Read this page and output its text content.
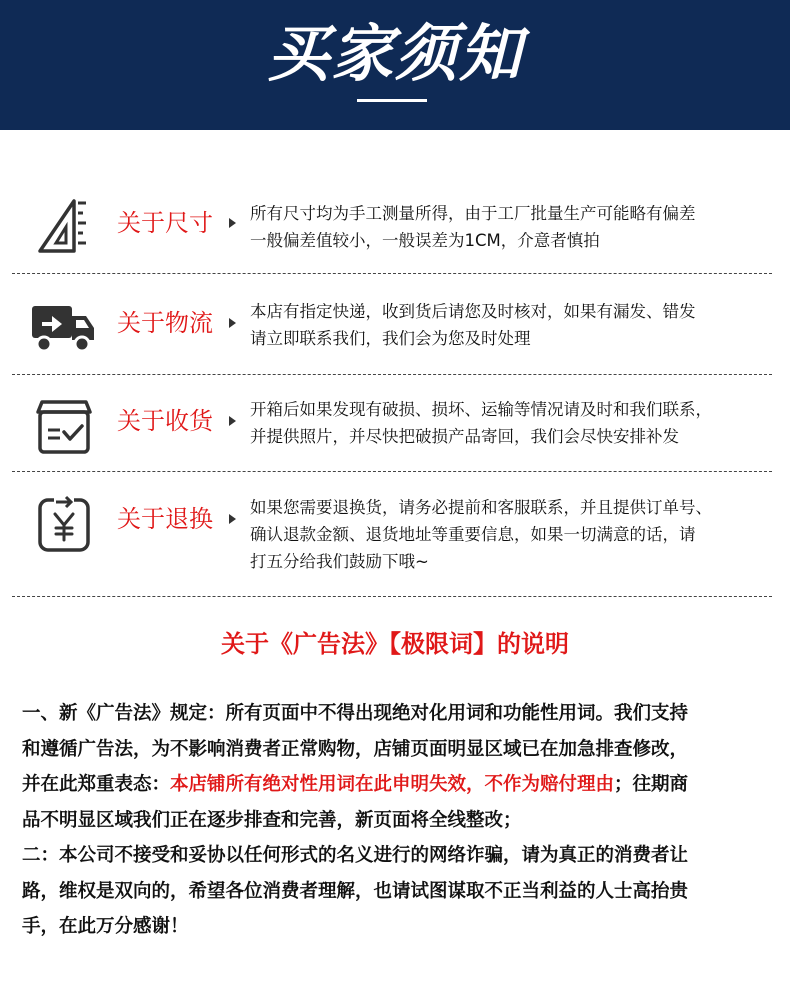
买家须知
关于尺寸 所有尺寸均为手工测量所得，由于工厂批量生产可能略有偏差
一般偏差值较小，一般误差为1CM，介意者慎拍
关于物流 本店有指定快递，收到货后请您及时核对，如果有漏发、错发
请立即联系我们，我们会为您及时处理
关于收货 开箱后如果发现有破损、损坏、运输等情况请及时和我们联系，
并提供照片，并尽快把破损产品寄回，我们会尽快安排补发
关于退换 如果您需要退换货，请务必提前和客服联系，并且提供订单号、
确认退款金额、退货地址等重要信息，如果一切满意的话，请
打五分给我们鼓励下哦~
关于《广告法》【极限词】的说明
一、新《广告法》规定：所有页面中不得出现绝对化用词和功能性用词。我们支持
和遵循广告法，为不影响消费者正常购物，店铺页面明显区域已在加急排查修改，
并在此郑重表态：本店铺所有绝对性用词在此申明失效，不作为赔付理由；往期商
品不明显区域我们正在逐步排查和完善，新页面将全线整改；
二：本公司不接受和妥协以任何形式的名义进行的网络诈骗，请为真正的消费者让
路，维权是双向的，希望各位消费者理解，也请试图谋取不正当利益的人士高抬贵
手，在此万分感谢！
